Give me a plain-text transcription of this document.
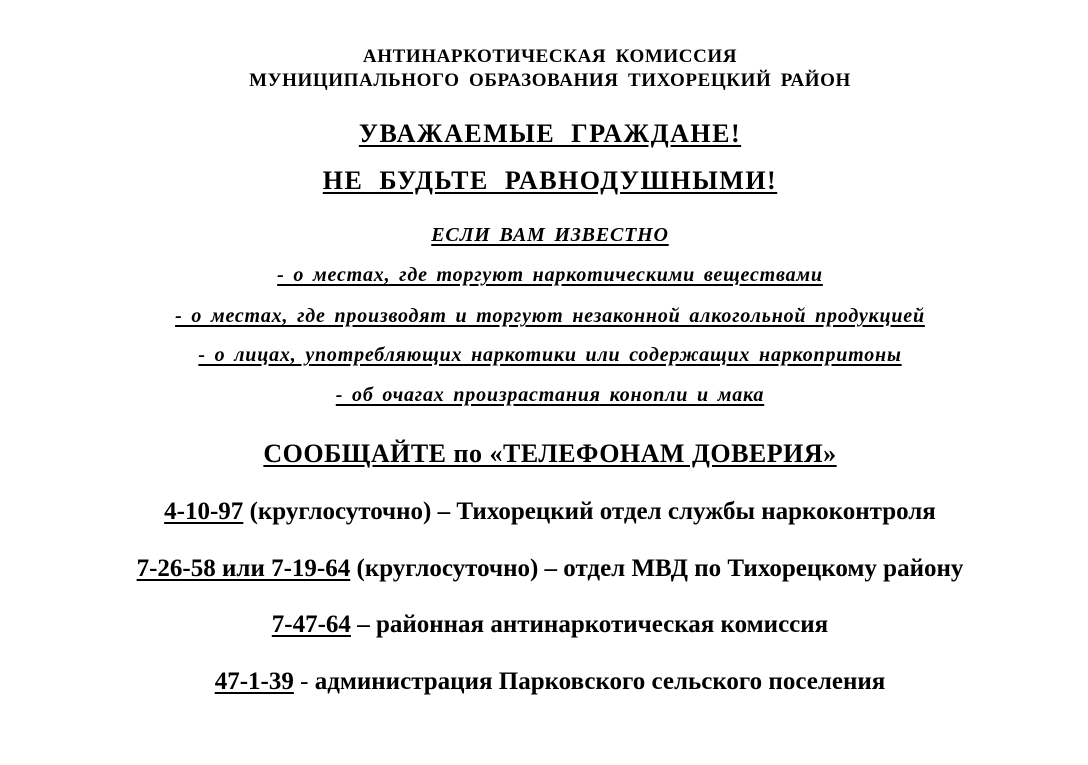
АНТИНАРКОТИЧЕСКАЯ КОМИССИЯ
МУНИЦИПАЛЬНОГО ОБРАЗОВАНИЯ ТИХОРЕЦКИЙ РАЙОН
УВАЖАЕМЫЕ ГРАЖДАНЕ!
НЕ БУДЬТЕ РАВНОДУШНЫМИ!
ЕСЛИ ВАМ ИЗВЕСТНО
- о местах, где торгуют наркотическими веществами
- о местах, где производят и торгуют незаконной алкогольной продукцией
- о лицах, употребляющих наркотики или содержащих наркопритоны
- об очагах произрастания конопли и мака
СООБЩАЙТЕ по «ТЕЛЕФОНАМ ДОВЕРИЯ»
4-10-97 (круглосуточно) – Тихорецкий отдел службы наркоконтроля
7-26-58 или 7-19-64 (круглосуточно) – отдел МВД по Тихорецкому району
7-47-64 – районная антинаркотическая комиссия
47-1-39 - администрация Парковского сельского поселения
